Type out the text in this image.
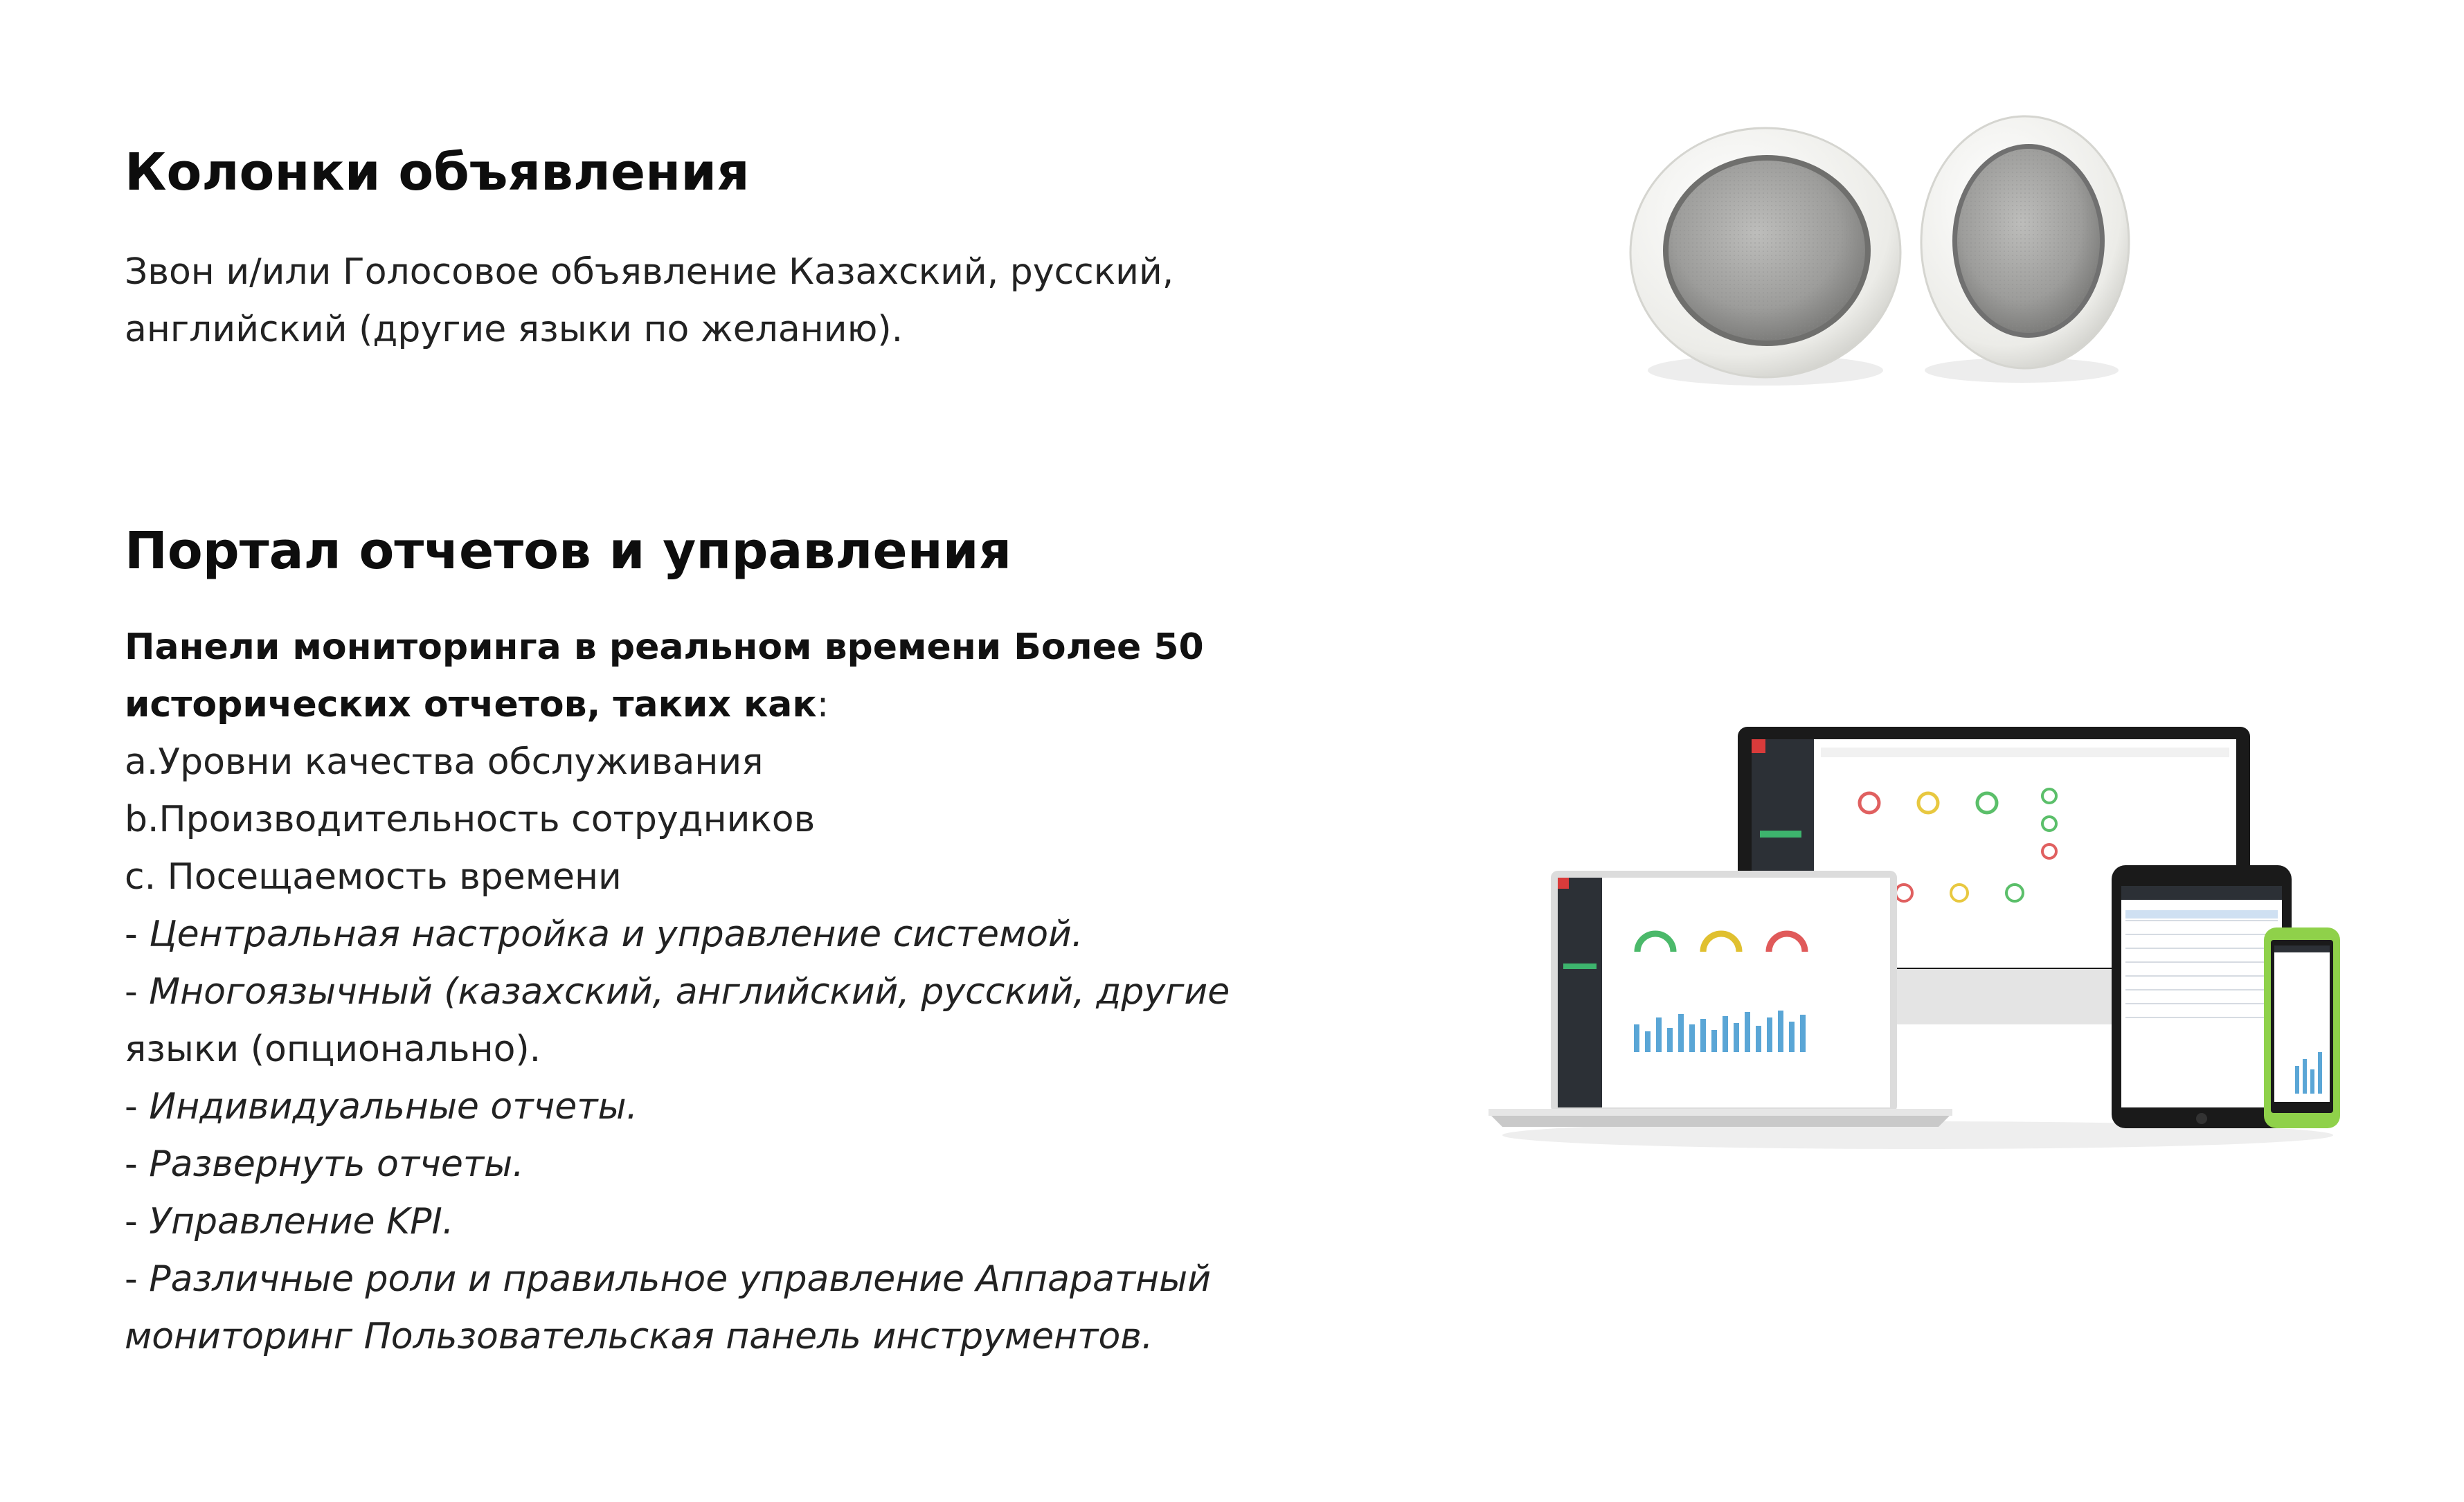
Колонки объявления

Звон и/или Голосовое объявление Казахский, русский,
английский (другие языки по желанию).

Портал отчетов и управления
Панели мониторинга в реальном времени Более 50
исторических отчетов, таких как:
a.Уровни качества обслуживания
b.Производительность сотрудников
c. Посещаемость времени
- Центральная настройка и управление системой.
- Многоязычный (казахский, английский, русский, другие
языки (опционально).
- Индивидуальные отчеты.
- Развернуть отчеты.
- Управление KPI.
- Различные роли и правильное управление Аппаратный
мониторинг Пользовательская панель инструментов.
